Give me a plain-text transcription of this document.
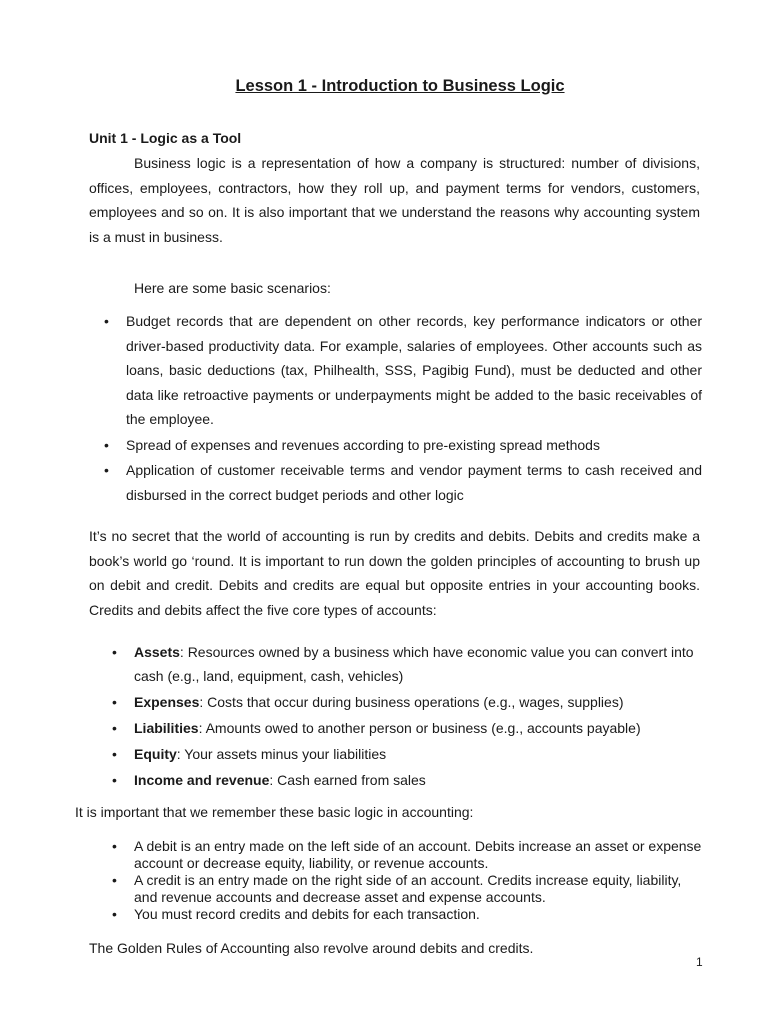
Lesson 1 - Introduction to Business Logic
Unit 1 - Logic as a Tool

Business logic is a representation of how a company is structured: number of divisions, offices, employees, contractors, how they roll up, and payment terms for vendors, customers, employees and so on. It is also important that we understand the reasons why accounting system is a must in business.

Here are some basic scenarios:

• Budget records that are dependent on other records, key performance indicators or other driver-based productivity data. For example, salaries of employees. Other accounts such as loans, basic deductions (tax, Philhealth, SSS, Pagibig Fund), must be deducted and other data like retroactive payments or underpayments might be added to the basic receivables of the employee.
• Spread of expenses and revenues according to pre-existing spread methods
• Application of customer receivable terms and vendor payment terms to cash received and disbursed in the correct budget periods and other logic

It’s no secret that the world of accounting is run by credits and debits. Debits and credits make a book’s world go ‘round. It is important to run down the golden principles of accounting to brush up on debit and credit. Debits and credits are equal but opposite entries in your accounting books. Credits and debits affect the five core types of accounts:

• Assets: Resources owned by a business which have economic value you can convert into cash (e.g., land, equipment, cash, vehicles)
• Expenses: Costs that occur during business operations (e.g., wages, supplies)
• Liabilities: Amounts owed to another person or business (e.g., accounts payable)
• Equity: Your assets minus your liabilities
• Income and revenue: Cash earned from sales

It is important that we remember these basic logic in accounting:

• A debit is an entry made on the left side of an account. Debits increase an asset or expense account or decrease equity, liability, or revenue accounts.
• A credit is an entry made on the right side of an account. Credits increase equity, liability, and revenue accounts and decrease asset and expense accounts.
• You must record credits and debits for each transaction.

The Golden Rules of Accounting also revolve around debits and credits.

1
